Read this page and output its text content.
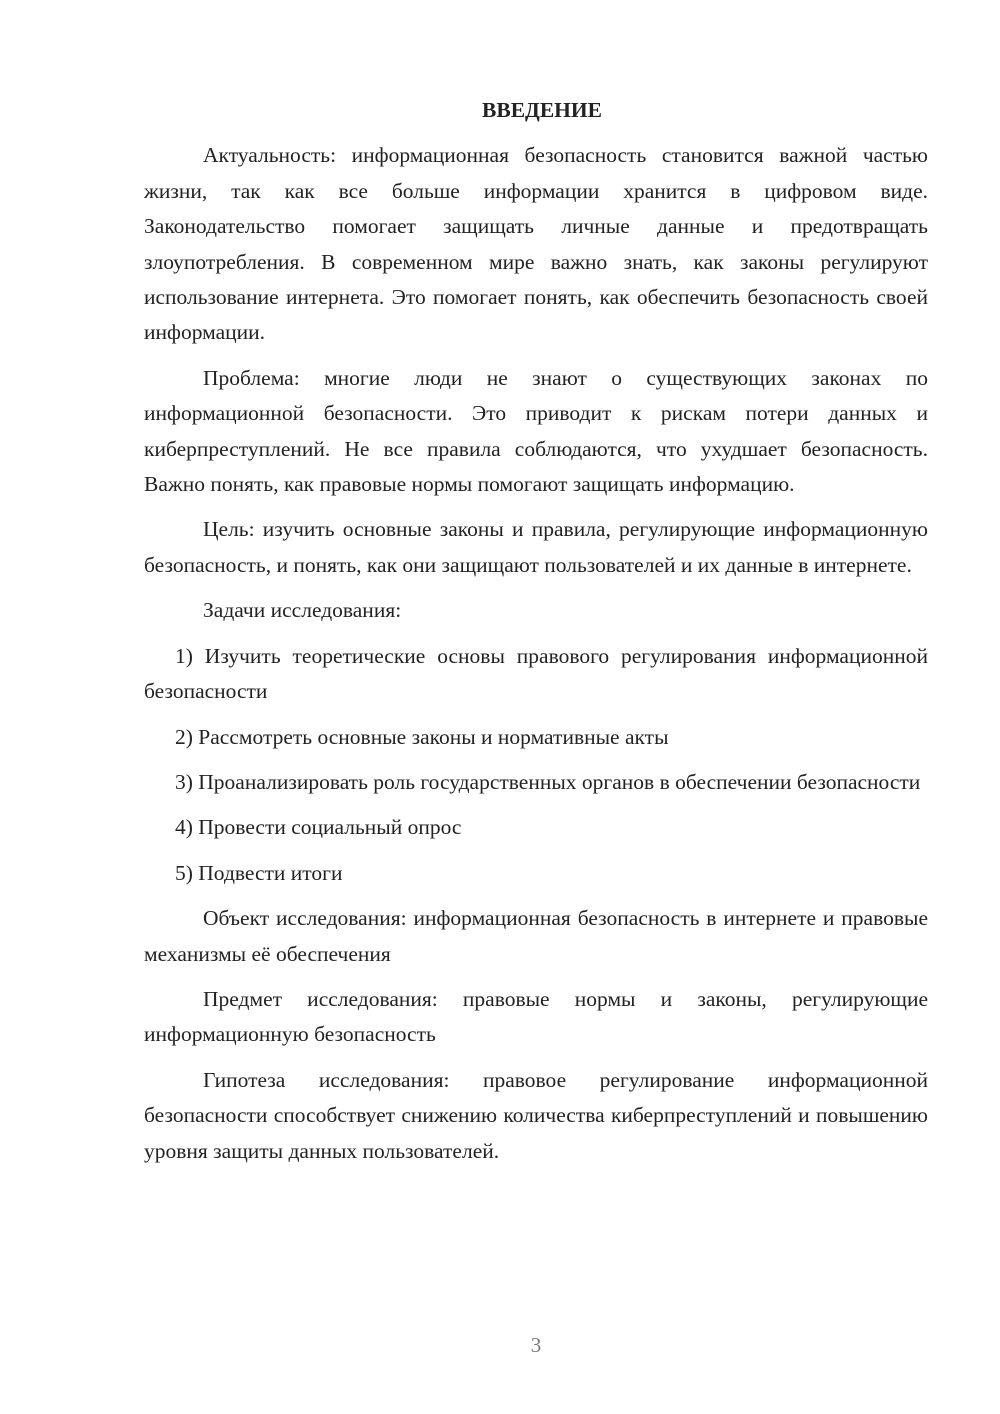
ВВЕДЕНИЕ

Актуальность: информационная безопасность становится важной частью жизни, так как все больше информации хранится в цифровом виде. Законодательство помогает защищать личные данные и предотвращать злоупотребления. В современном мире важно знать, как законы регулируют использование интернета. Это помогает понять, как обеспечить безопасность своей информации.

Проблема: многие люди не знают о существующих законах по информационной безопасности. Это приводит к рискам потери данных и киберпреступлений. Не все правила соблюдаются, что ухудшает безопасность. Важно понять, как правовые нормы помогают защищать информацию.

Цель: изучить основные законы и правила, регулирующие информационную безопасность, и понять, как они защищают пользователей и их данные в интернете.

Задачи исследования:

1) Изучить теоретические основы правового регулирования информационной безопасности

2) Рассмотреть основные законы и нормативные акты

3) Проанализировать роль государственных органов в обеспечении безопасности

4) Провести социальный опрос

5) Подвести итоги

Объект исследования: информационная безопасность в интернете и правовые механизмы её обеспечения

Предмет исследования: правовые нормы и законы, регулирующие информационную безопасность

Гипотеза исследования: правовое регулирование информационной безопасности способствует снижению количества киберпреступлений и повышению уровня защиты данных пользователей.

3
